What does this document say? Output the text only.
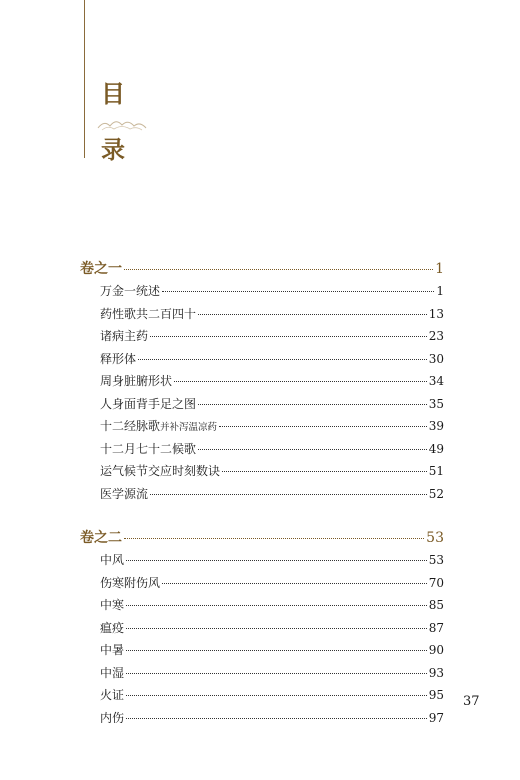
目
录
卷之一	1
万金一统述	1
药性歌共二百四十	13
诸病主药	23
释形体	30
周身脏腑形状	34
人身面背手足之图	35
十二经脉歌并补泻温凉药	39
十二月七十二候歌	49
运气候节交应时刻数诀	51
医学源流	52
卷之二	53
中风	53
伤寒附伤风	70
中寒	85
瘟疫	87
中暑	90
中湿	93
火证	95
内伤	97
37
